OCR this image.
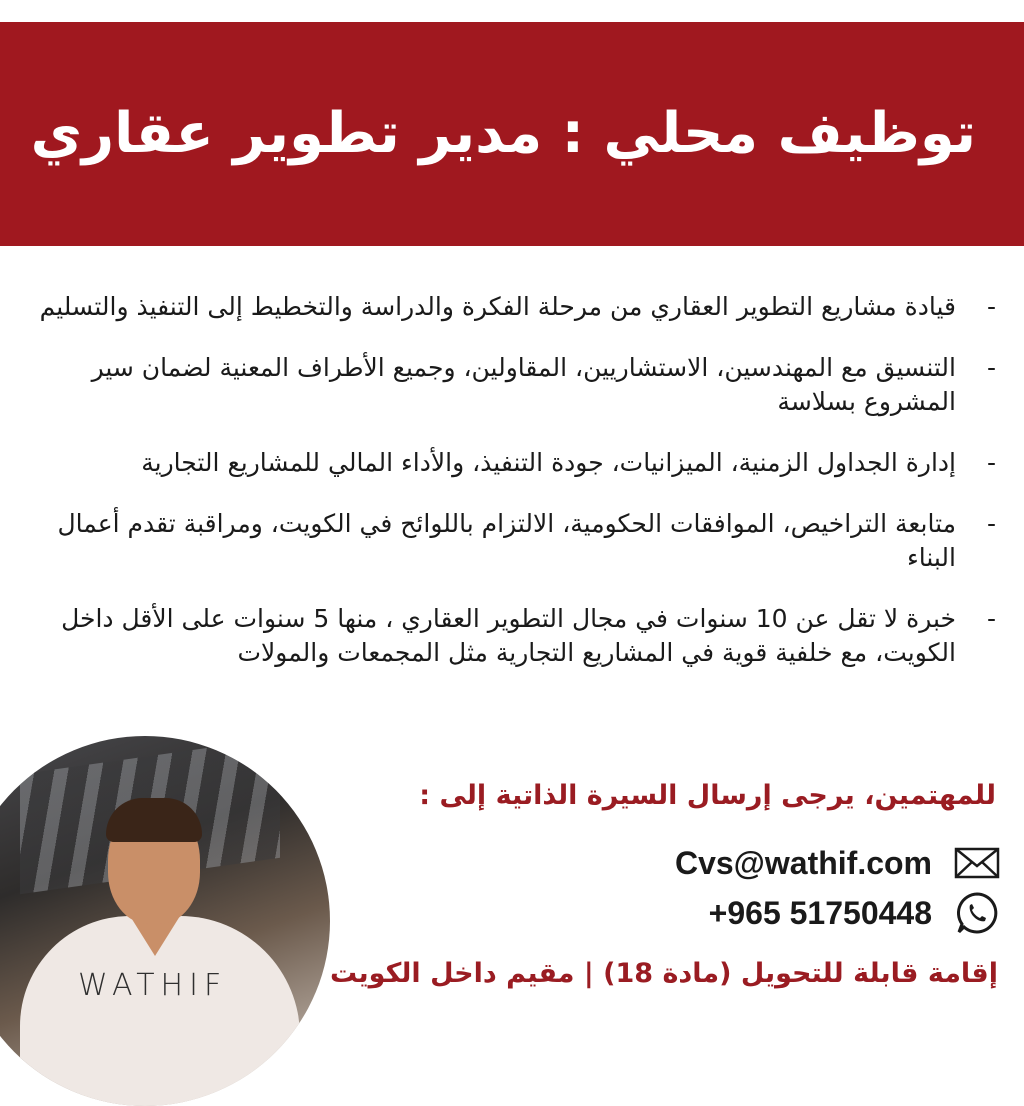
توظيف محلي : مدير تطوير عقاري
-
قيادة مشاريع التطوير العقاري من مرحلة الفكرة والدراسة والتخطيط إلى التنفيذ والتسليم
-
التنسيق مع المهندسين، الاستشاريين، المقاولين، وجميع الأطراف المعنية لضمان سير المشروع بسلاسة
-
إدارة الجداول الزمنية، الميزانيات، جودة التنفيذ، والأداء المالي للمشاريع التجارية
-
متابعة التراخيص، الموافقات الحكومية، الالتزام باللوائح في الكويت، ومراقبة تقدم أعمال البناء
-
خبرة لا تقل عن 10 سنوات في مجال التطوير العقاري ، منها 5 سنوات على الأقل داخل الكويت، مع خلفية قوية في المشاريع التجارية مثل المجمعات والمولات
WATHIF
للمهتمين، يرجى إرسال السيرة الذاتية إلى :
Cvs@wathif.com
+965 51750448
إقامة قابلة للتحويل (مادة 18) | مقيم داخل الكويت
